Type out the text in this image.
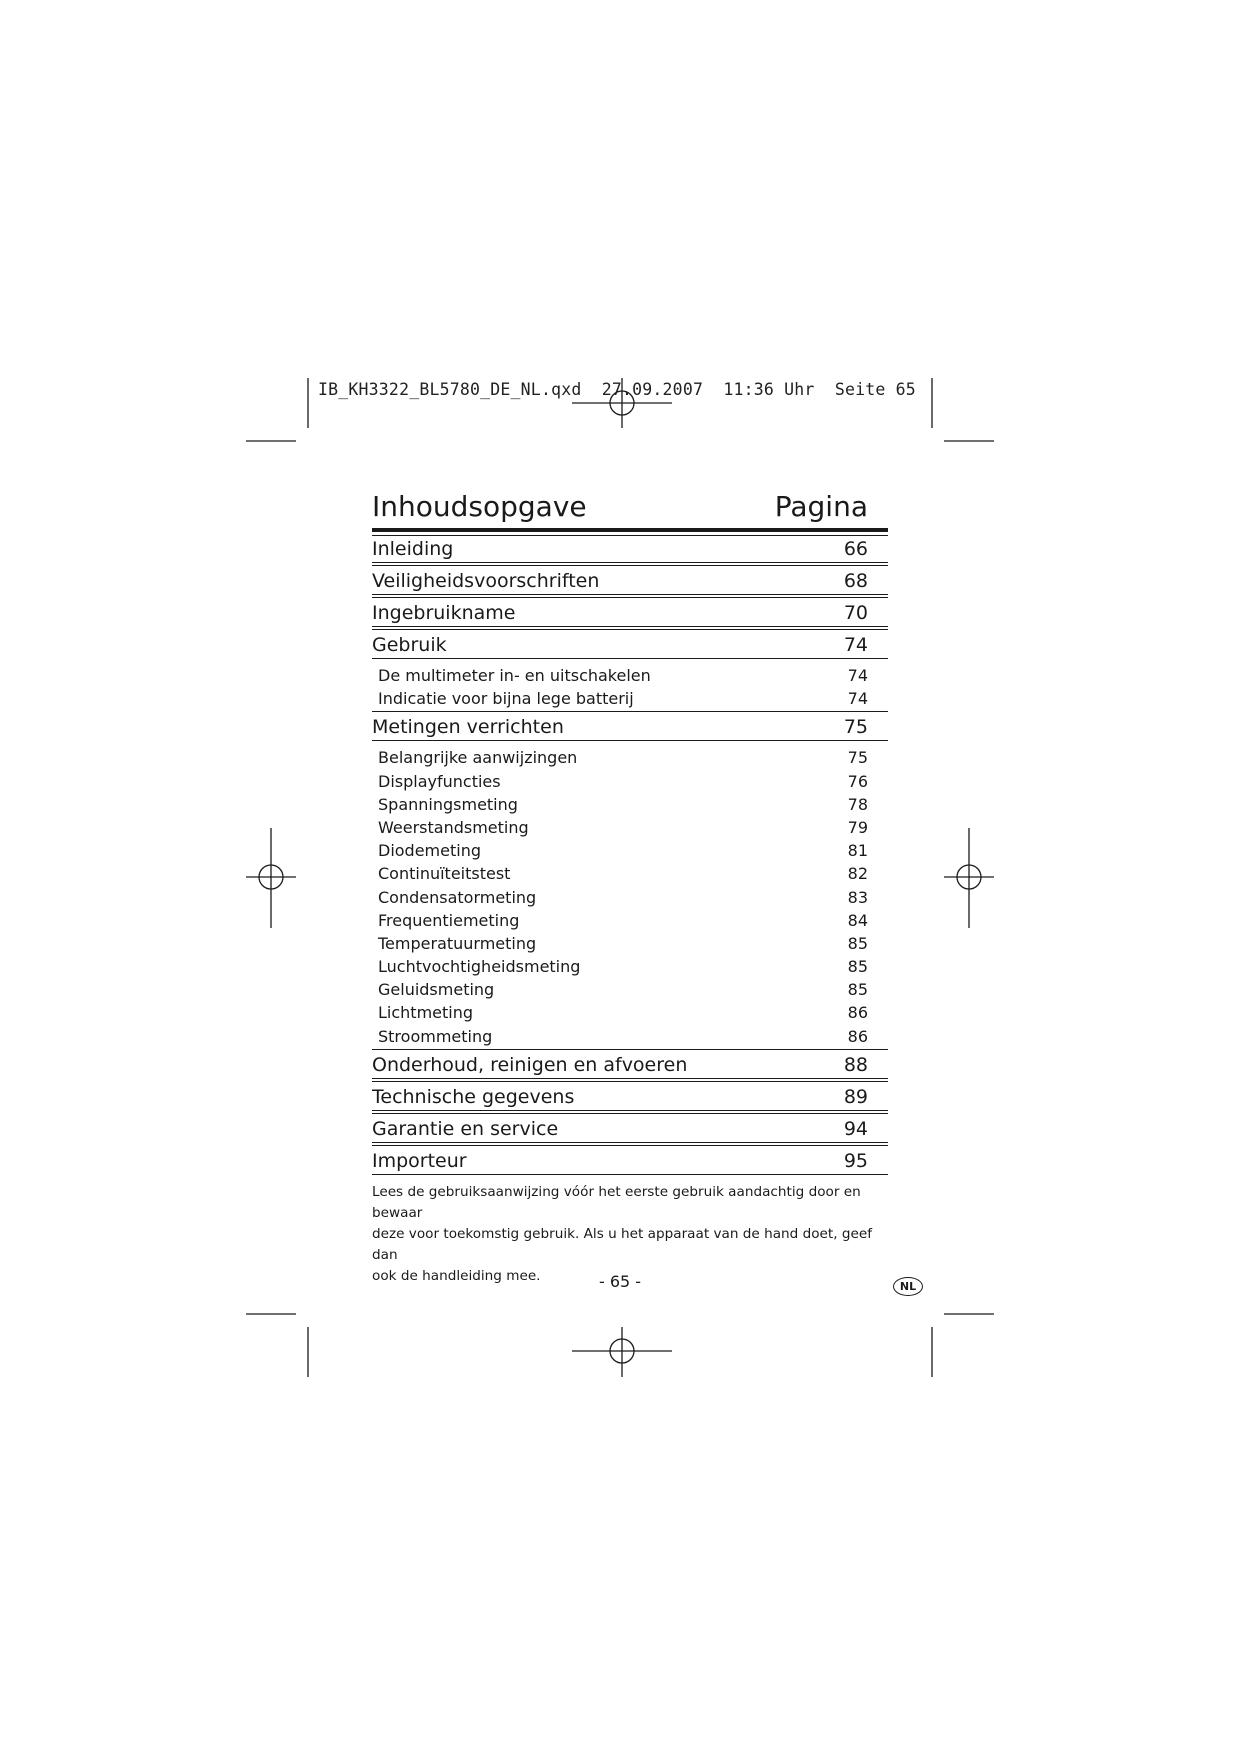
IB_KH3322_BL5780_DE_NL.qxd  27.09.2007  11:36 Uhr  Seite 65
Inhoudsopgave	Pagina
Inleiding	66
Veiligheidsvoorschriften	68
Ingebruikname	70
Gebruik	74
De multimeter in- en uitschakelen	74
Indicatie voor bijna lege batterij	74
Metingen verrichten	75
Belangrijke aanwijzingen	75
Displayfuncties	76
Spanningsmeting	78
Weerstandsmeting	79
Diodemeting	81
Continuïteitstest	82
Condensatormeting	83
Frequentiemeting	84
Temperatuurmeting	85
Luchtvochtigheidsmeting	85
Geluidsmeting	85
Lichtmeting	86
Stroommeting	86
Onderhoud, reinigen en afvoeren	88
Technische gegevens	89
Garantie en service	94
Importeur	95
Lees de gebruiksaanwijzing vóór het eerste gebruik aandachtig door en bewaar
deze voor toekomstig gebruik. Als u het apparaat van de hand doet, geef dan
ook de handleiding mee.	- 65 -	NL
